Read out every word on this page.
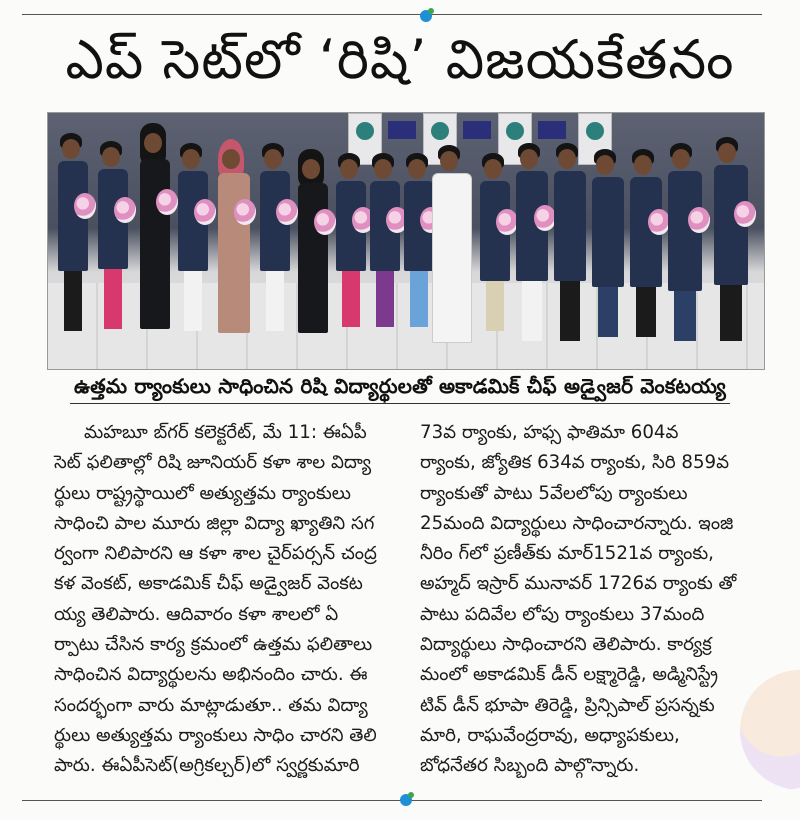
ఎప్ సెట్‌లో ‘రిషి’ విజయకేతనం
ఉత్తమ ర్యాంకులు సాధించిన రిషి విద్యార్థులతో అకాడమిక్ చీఫ్ అడ్వైజర్ వెంకటయ్య
మహబూ బ్‌గర్ కలెక్టరేట్, మే 11: ఈఏపీ
సెట్ ఫలితాల్లో రిషి జూనియర్ కళా శాల విద్యా
ర్థులు రాష్ట్రస్థాయిలో అత్యుత్తమ ర్యాంకులు
సాధించి పాల మూరు జిల్లా విద్యా ఖ్యాతిని సగ
ర్వంగా నిలిపారని ఆ కళా శాల చైర్‌పర్సన్ చంద్ర
కళ వెంకట్, అకాడమిక్ చీఫ్ అడ్వైజర్ వెంకట
య్య తెలిపారు. ఆదివారం కళా శాలలో ఏ
ర్పాటు చేసిన కార్య క్రమంలో ఉత్తమ ఫలితాలు
సాధించిన విద్యార్థులను అభినందిం చారు. ఈ
సందర్భంగా వారు మాట్లాడుతూ.. తమ విద్యా
ర్థులు అత్యుత్తమ ర్యాంకులు సాధిం చారని తెలి
పారు. ఈఏపీసెట్(అగ్రికల్చర్)లో స్వర్ణకుమారి
73వ ర్యాంకు, హఫ్స ఫాతిమా 604వ
ర్యాంకు, జ్యోతిక 634వ ర్యాంకు, సిరి 859వ
ర్యాంకుతో పాటు 5వేలలోపు ర్యాంకులు
25మంది విద్యార్థులు సాధించారన్నారు. ఇంజి
నీరిం గ్‌లో ప్రణీత్‌కు మార్1521వ ర్యాంకు,
అహ్మద్ ఇస్రార్ మునావర్ 1726వ ర్యాంకు తో
పాటు పదివేల లోపు ర్యాంకులు 37మంది
విద్యార్థులు సాధించారని తెలిపారు. కార్యక్ర
మంలో అకాడమిక్ డీన్ లక్ష్మారెడ్డి, అడ్మినిస్ట్రే
టివ్ డీన్ భూపా తిరెడ్డి, ప్రిన్సిపాల్ ప్రసన్నకు
మారి, రాఘవేంద్రరావు, అధ్యాపకులు,
బోధనేతర సిబ్బంది పాల్గొన్నారు.
